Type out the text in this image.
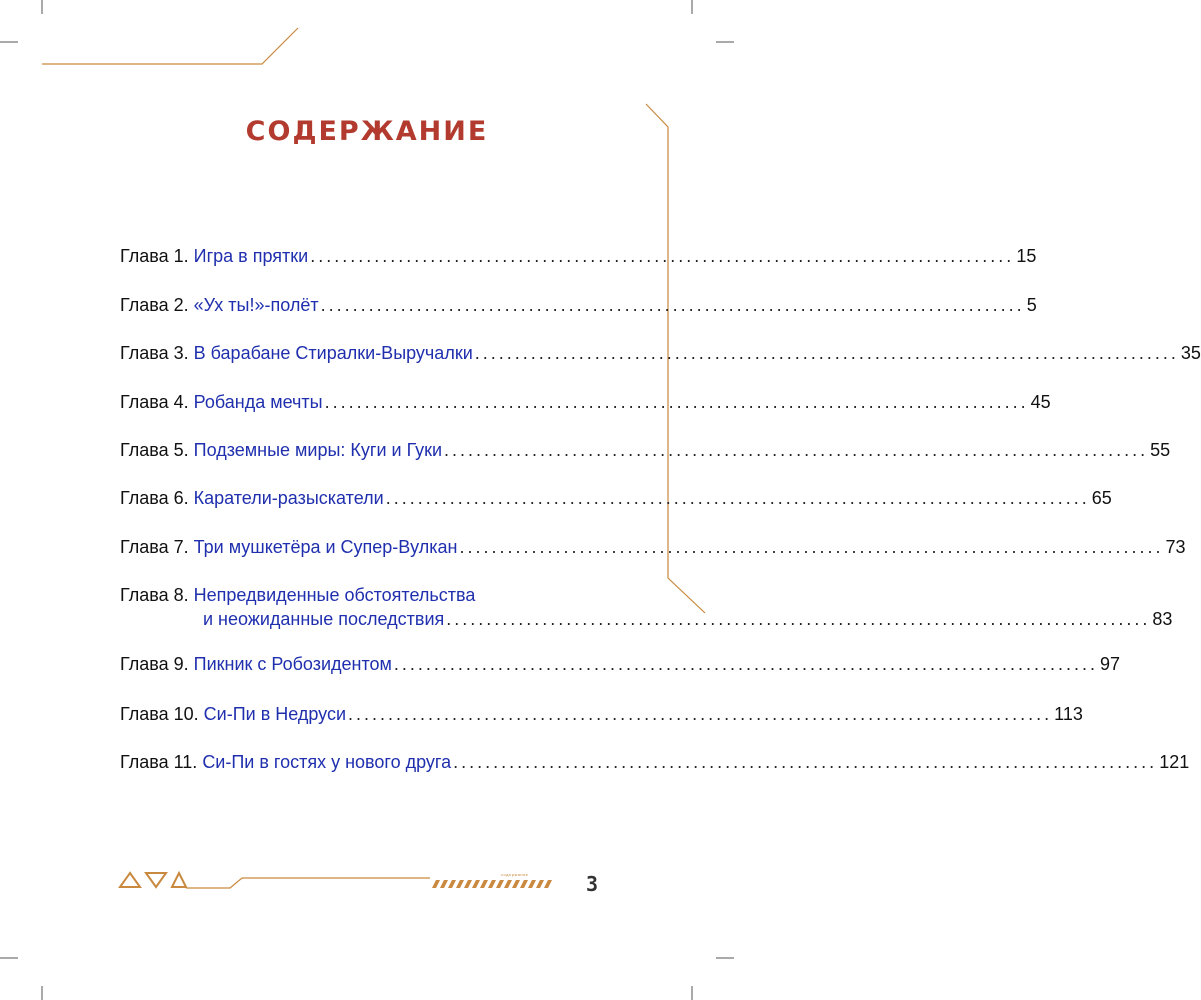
СОДЕРЖАНИЕ
Глава 1. Игра в прятки ........................................................................................ 15
Глава 2. «Ух ты!»-полёт ........................................................................................ 5
Глава 3. В барабане Стиралки-Выручалки ........................................................................................ 35
Глава 4. Робанда мечты ........................................................................................ 45
Глава 5. Подземные миры: Куги и Гуки ........................................................................................ 55
Глава 6. Каратели-разыскатели ........................................................................................ 65
Глава 7. Три мушкетёра и Супер-Вулкан ........................................................................................ 73
Глава 8. Непредвиденные обстоятельства
и неожиданные последствия ........................................................................................ 83
Глава 9. Пикник с Робозидентом ........................................................................................ 97
Глава 10. Си-Пи в Недруси ........................................................................................ 113
Глава 11. Си-Пи в гостях у нового друга ........................................................................................ 121
содержание	3
